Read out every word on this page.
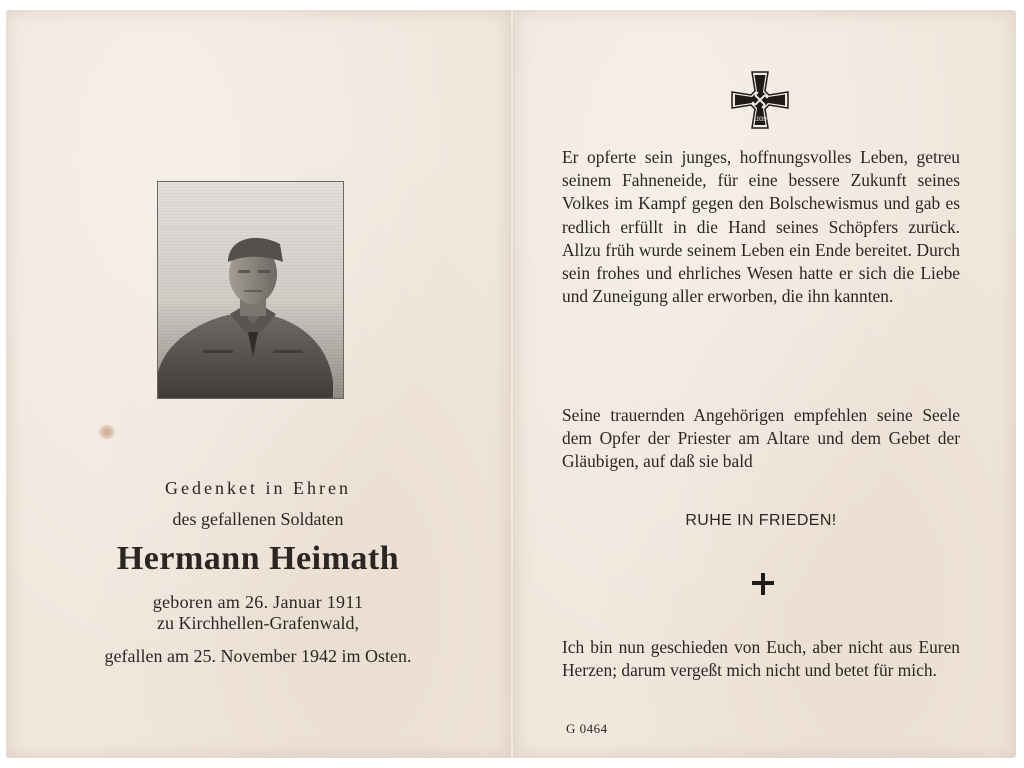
Gedenket in Ehren
des gefallenen Soldaten
Hermann Heimath
geboren am 26. Januar 1911
zu Kirchhellen-Grafenwald,
gefallen am 25. November 1942 im Osten.
1939
Er opferte sein junges, hoffnungsvolles Leben, getreu seinem Fahneneide, für eine bessere Zukunft seines Volkes im Kampf gegen den Bolschewismus und gab es redlich erfüllt in die Hand seines Schöpfers zurück. Allzu früh wurde seinem Leben ein Ende bereitet. Durch sein frohes und ehrliches Wesen hatte er sich die Liebe und Zuneigung aller erworben, die ihn kannten.
Seine trauernden Angehörigen empfehlen seine Seele dem Opfer der Priester am Altare und dem Gebet der Gläubigen, auf daß sie bald
RUHE IN FRIEDEN!
Ich bin nun geschieden von Euch, aber nicht aus Euren Herzen; darum vergeßt mich nicht und betet für mich.
G 0464
